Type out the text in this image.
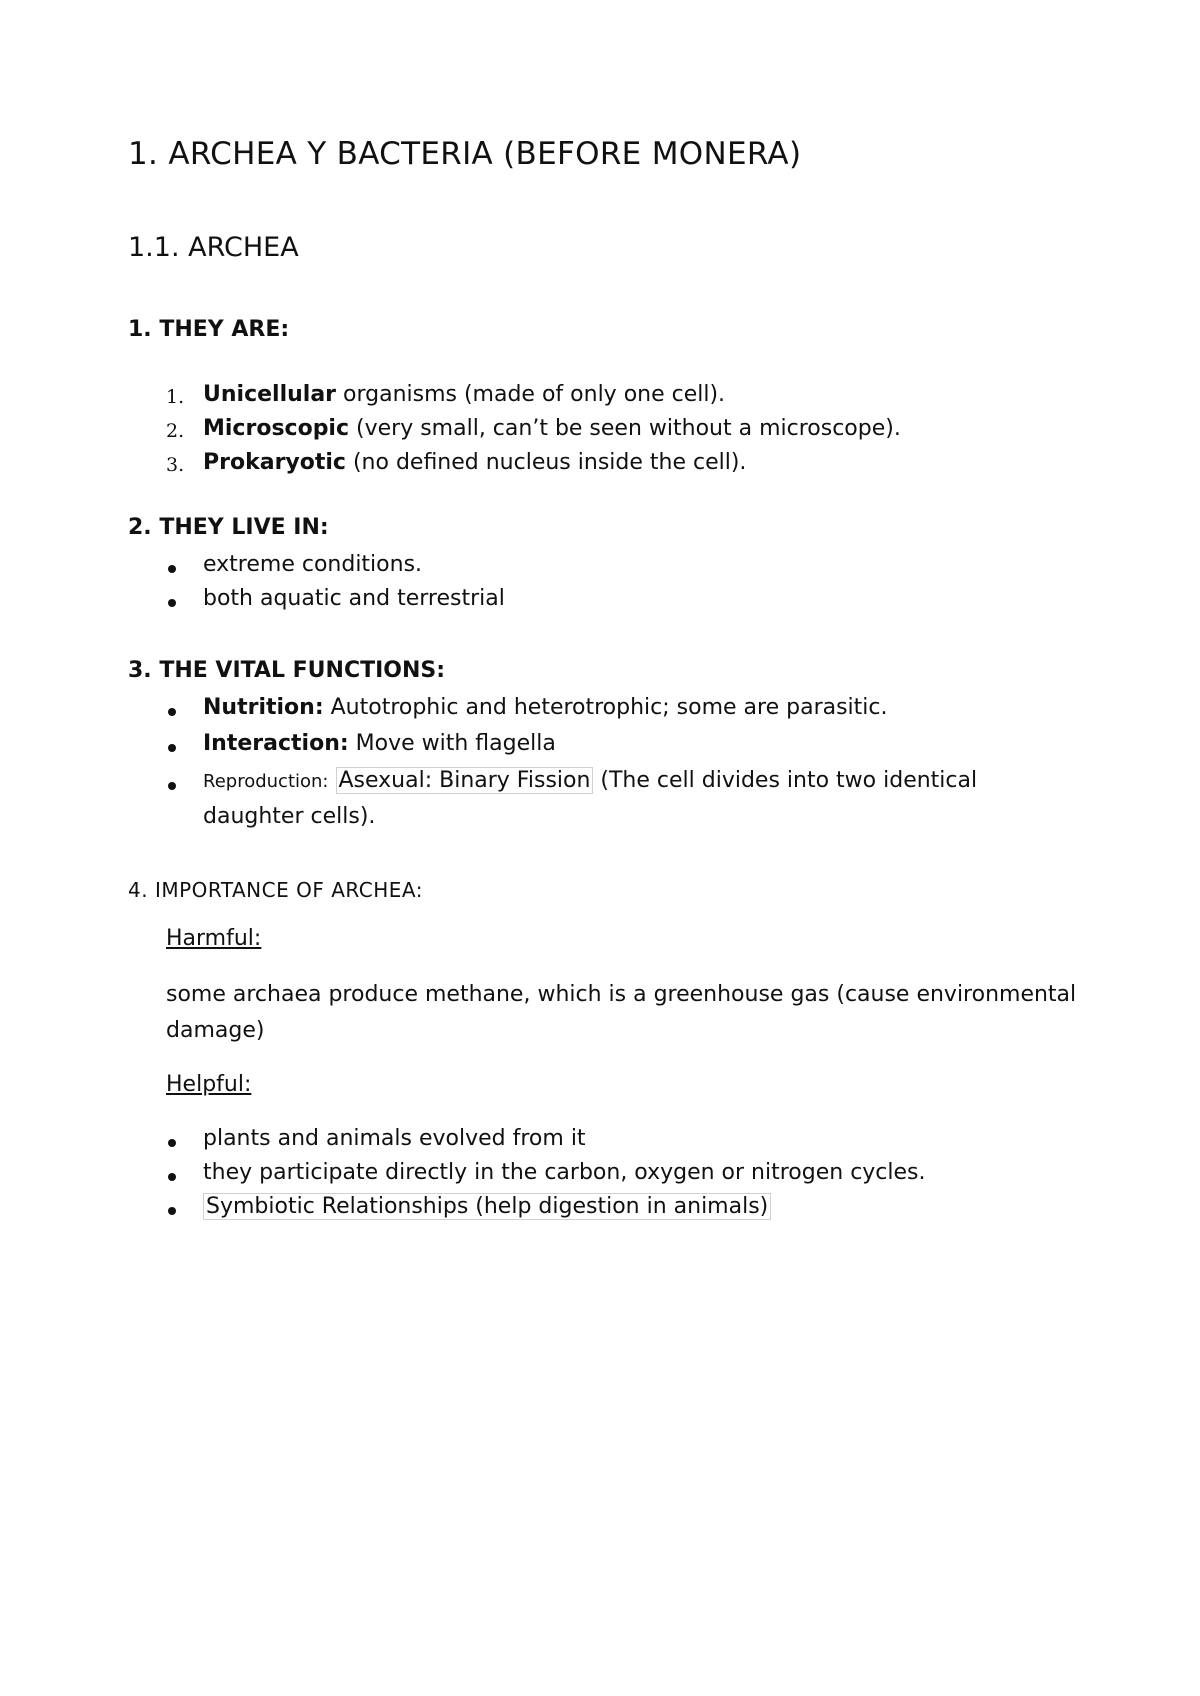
1. ARCHEA Y BACTERIA (BEFORE MONERA)
1.1. ARCHEA
1. THEY ARE:
1. Unicellular organisms (made of only one cell).
2. Microscopic (very small, can’t be seen without a microscope).
3. Prokaryotic (no defined nucleus inside the cell).
2. THEY LIVE IN:
extreme conditions.
both aquatic and terrestrial
3. THE VITAL FUNCTIONS:
Nutrition: Autotrophic and heterotrophic; some are parasitic.
Interaction: Move with flagella
Reproduction: Asexual: Binary Fission (The cell divides into two identical
daughter cells).
4. IMPORTANCE OF ARCHEA:
Harmful:
some archaea produce methane, which is a greenhouse gas (cause environmental
damage)
Helpful:
plants and animals evolved from it
they participate directly in the carbon, oxygen or nitrogen cycles.
Symbiotic Relationships (help digestion in animals)
